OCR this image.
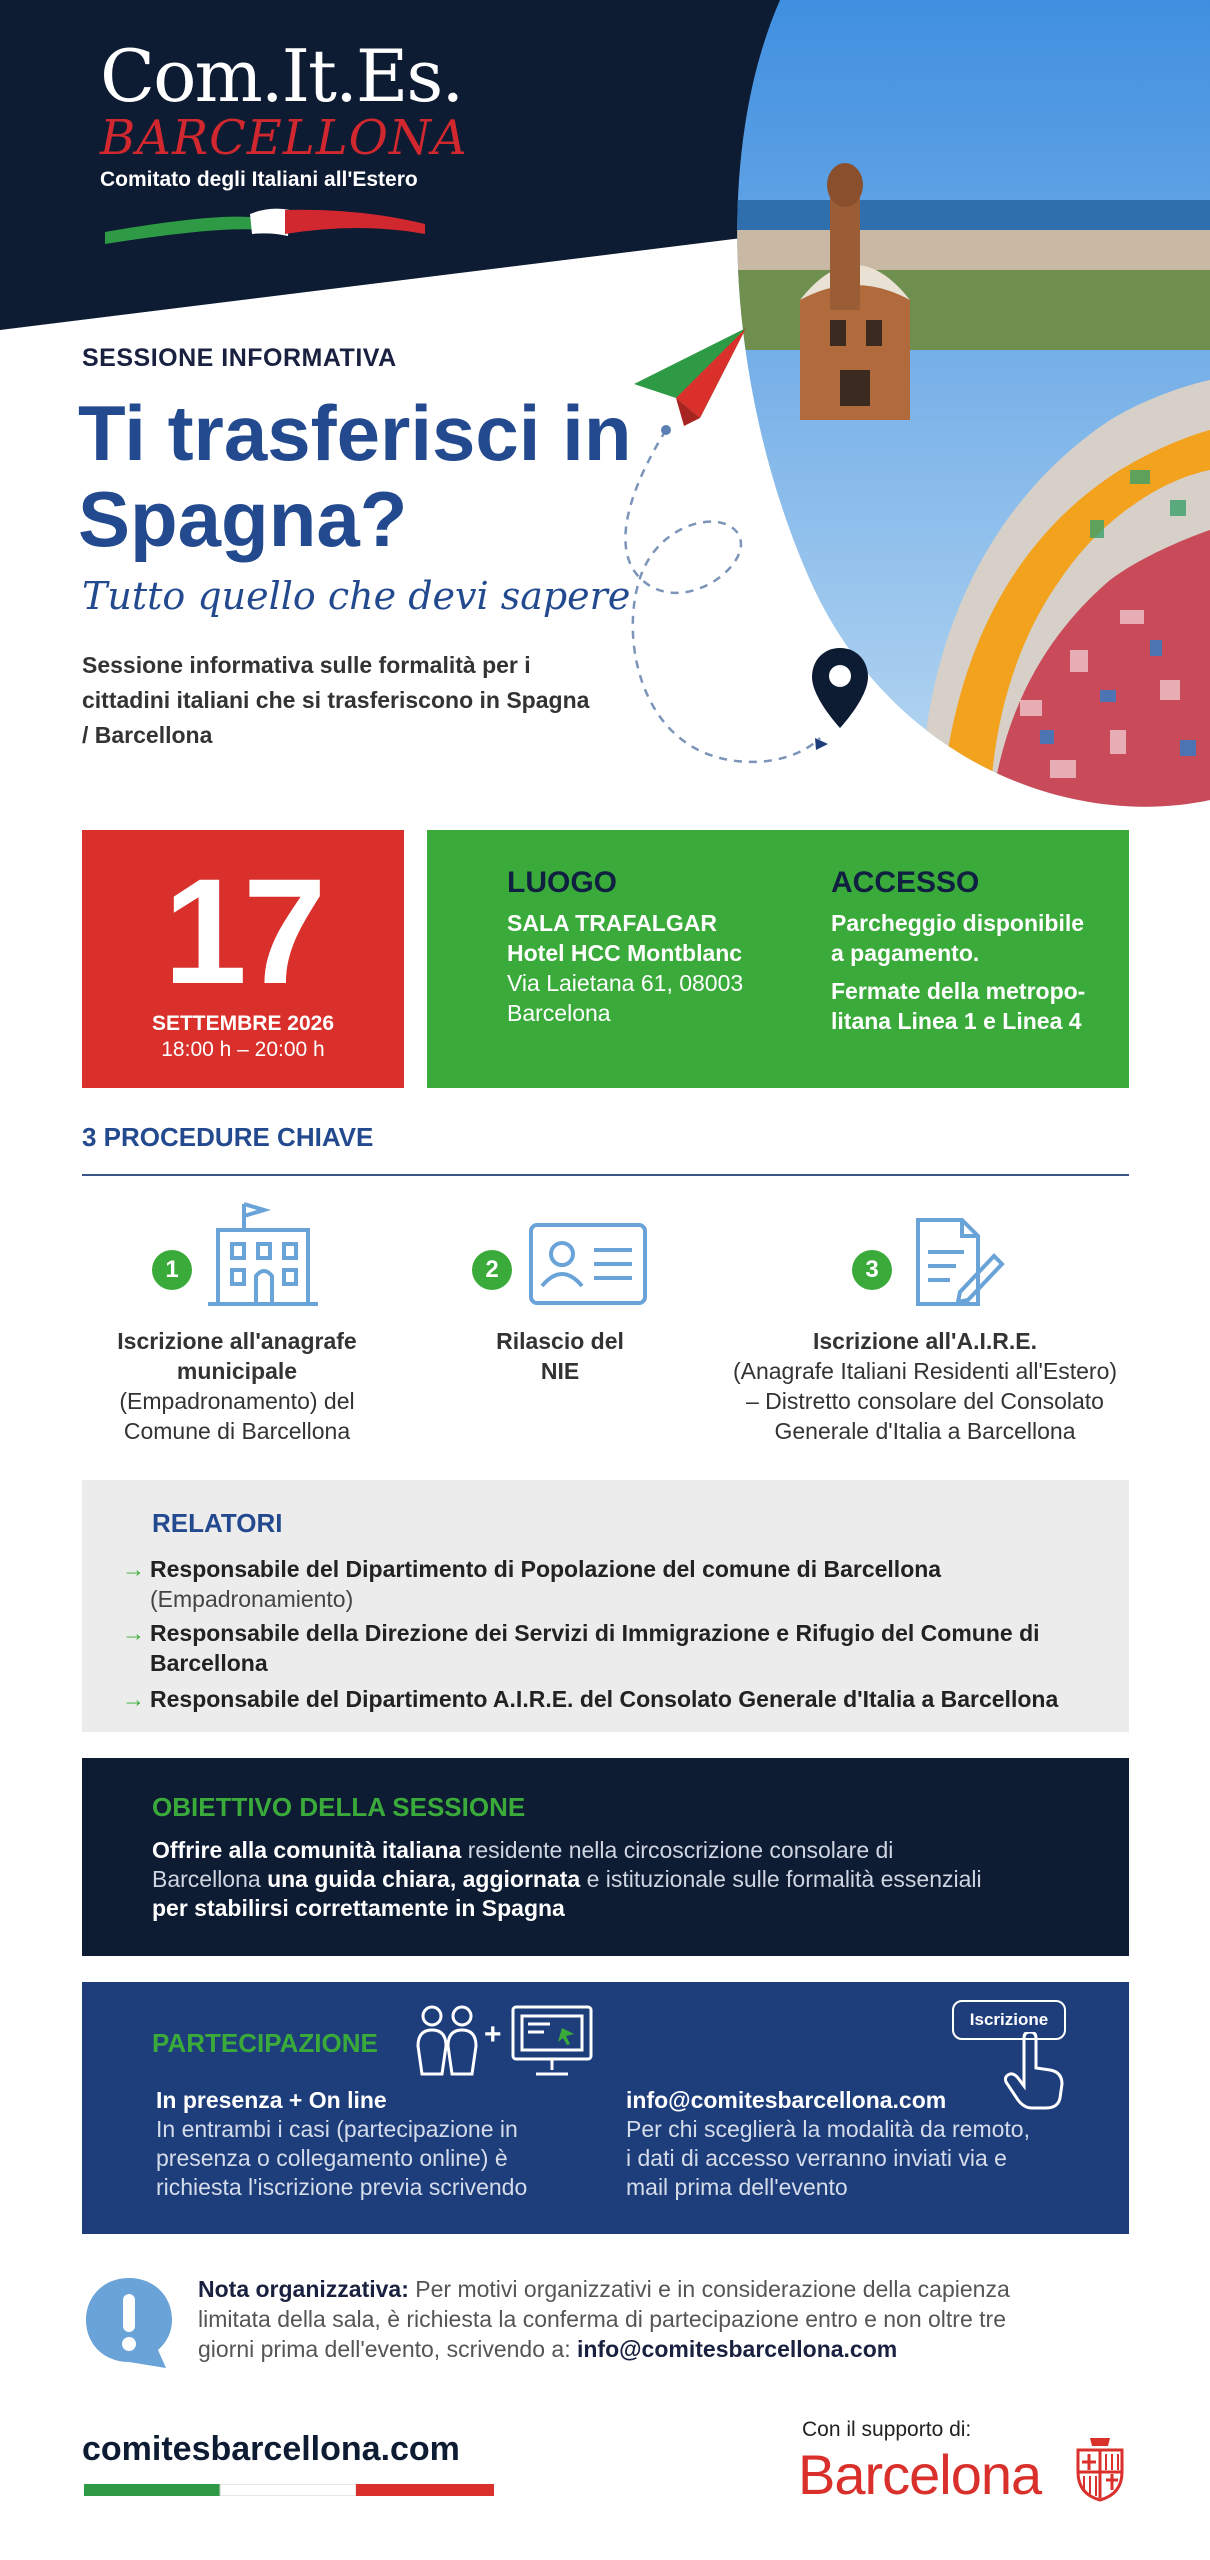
Com.It.Es.
BARCELLONA
Comitato degli Italiani all'Estero
SESSIONE INFORMATIVA
Ti trasferisci in Spagna?
Tutto quello che devi sapere
Sessione informativa sulle formalità per i cittadini italiani che si trasferiscono in Spagna / Barcellona
17
SETTEMBRE 2026
18:00 h – 20:00 h
LUOGO
SALA TRAFALGAR
Hotel HCC Montblanc
Via Laietana 61, 08003
Barcelona
ACCESSO
Parcheggio disponibile
a pagamento.
Fermate della metropo-
litana Linea 1 e Linea 4
3 PROCEDURE CHIAVE
1
Iscrizione all'anagrafe
municipale
(Empadronamento) del
Comune di Barcellona
2
Rilascio del
NIE
3
Iscrizione all'A.I.R.E.
(Anagrafe Italiani Residenti all'Estero)
– Distretto consolare del Consolato
Generale d'Italia a Barcellona
RELATORI
→ Responsabile del Dipartimento di Popolazione del comune di Barcellona
(Empadronamiento)
→ Responsabile della Direzione dei Servizi di Immigrazione e Rifugio del Comune di
Barcellona
→ Responsabile del Dipartimento A.I.R.E. del Consolato Generale d'Italia a Barcellona
OBIETTIVO DELLA SESSIONE
Offrire alla comunità italiana residente nella circoscrizione consolare di
Barcellona una guida chiara, aggiornata e istituzionale sulle formalità essenziali
per stabilirsi correttamente in Spagna
PARTECIPAZIONE	+	Iscrizione
In presenza + On line
In entrambi i casi (partecipazione in
presenza o collegamento online) è
richiesta l'iscrizione previa scrivendo
info@comitesbarcellona.com
Per chi sceglierà la modalità da remoto,
i dati di accesso verranno inviati via e
mail prima dell'evento
Nota organizzativa: Per motivi organizzativi e in considerazione della capienza
limitata della sala, è richiesta la conferma di partecipazione entro e non oltre tre
giorni prima dell'evento, scrivendo a: info@comitesbarcellona.com
comitesbarcellona.com
Con il supporto di:
Barcelona
